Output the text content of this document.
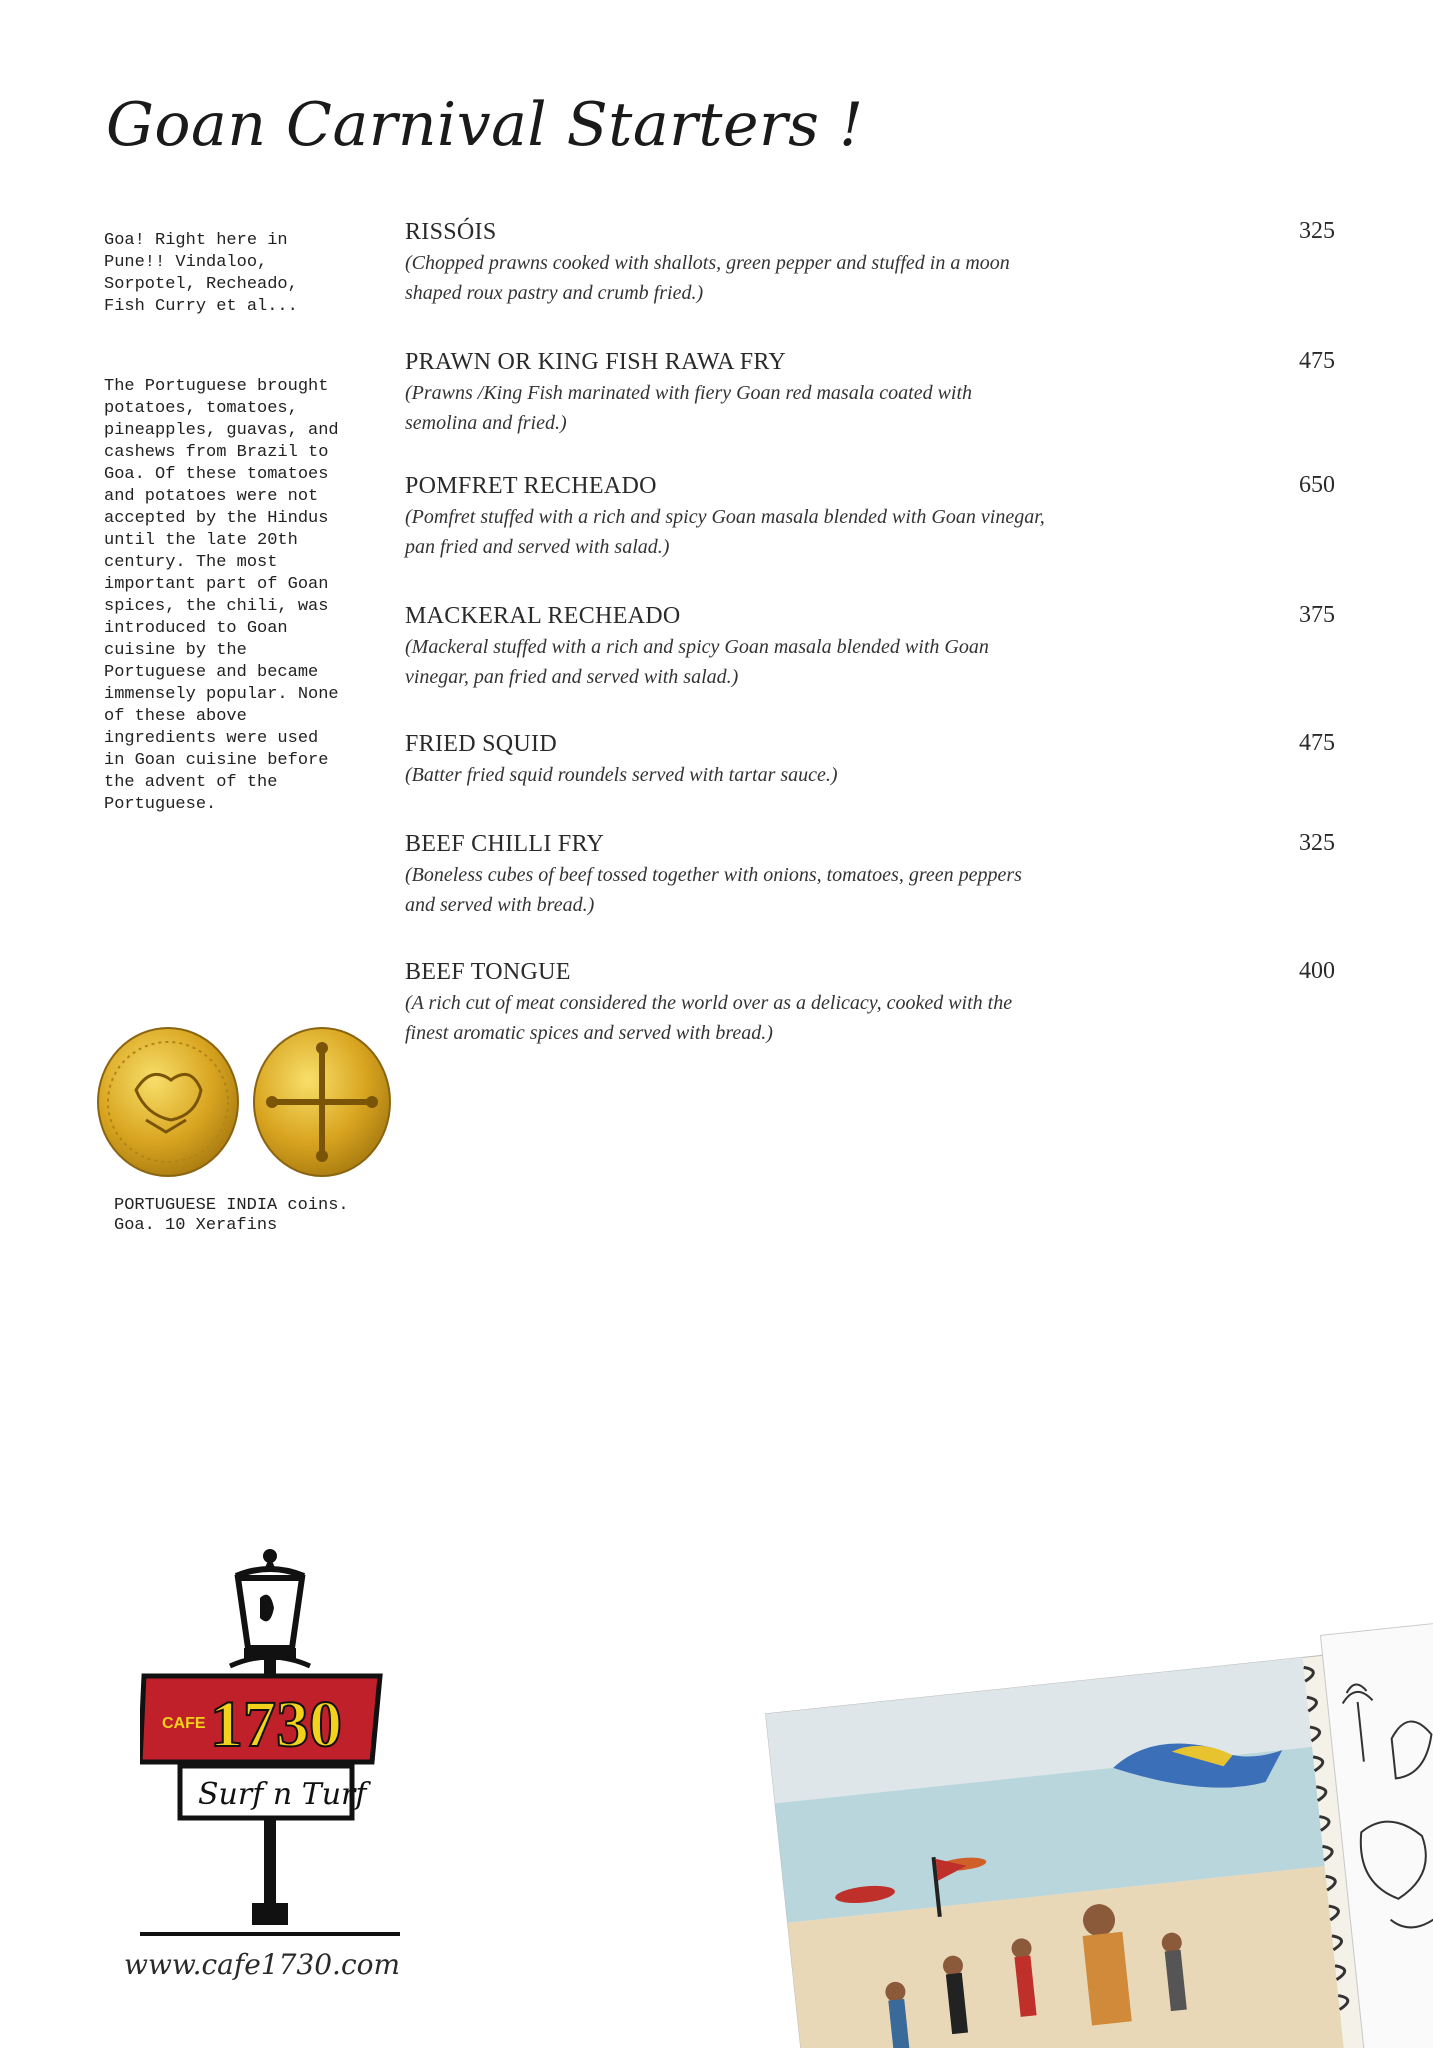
Goan Carnival Starters !

Goa! Right here in
Pune!! Vindaloo,
Sorpotel, Recheado,
Fish Curry et al...

The Portuguese brought
potatoes, tomatoes,
pineapples, guavas, and
cashews from Brazil to
Goa. Of these tomatoes
and potatoes were not
accepted by the Hindus
until the late 20th
century. The most
important part of Goan
spices, the chili, was
introduced to Goan
cuisine by the
Portuguese and became
immensely popular. None
of these above
ingredients were used
in Goan cuisine before
the advent of the
Portuguese.

RISSÓIS
(Chopped prawns cooked with shallots, green pepper and stuffed in a moon shaped roux pastry and crumb fried.)
325
PRAWN OR KING FISH RAWA FRY
(Prawns /King Fish marinated with fiery Goan red masala coated with semolina and fried.)
475
POMFRET RECHEADO
(Pomfret stuffed with a rich and spicy Goan masala blended with Goan vinegar, pan fried and served with salad.)
650
MACKERAL RECHEADO
(Mackeral stuffed with a rich and spicy Goan masala blended with Goan vinegar, pan fried and served with salad.)
375
FRIED SQUID
(Batter fried squid roundels served with tartar sauce.)
475
BEEF CHILLI FRY
(Boneless cubes of beef tossed together with onions, tomatoes, green peppers and served with bread.)
325
BEEF TONGUE
(A rich cut of meat considered the world over as a delicacy, cooked with the finest aromatic spices and served with bread.)
400

PORTUGUESE INDIA coins.
Goa. 10 Xerafins

CAFE 1730
Surf n Turf
www.cafe1730.com
